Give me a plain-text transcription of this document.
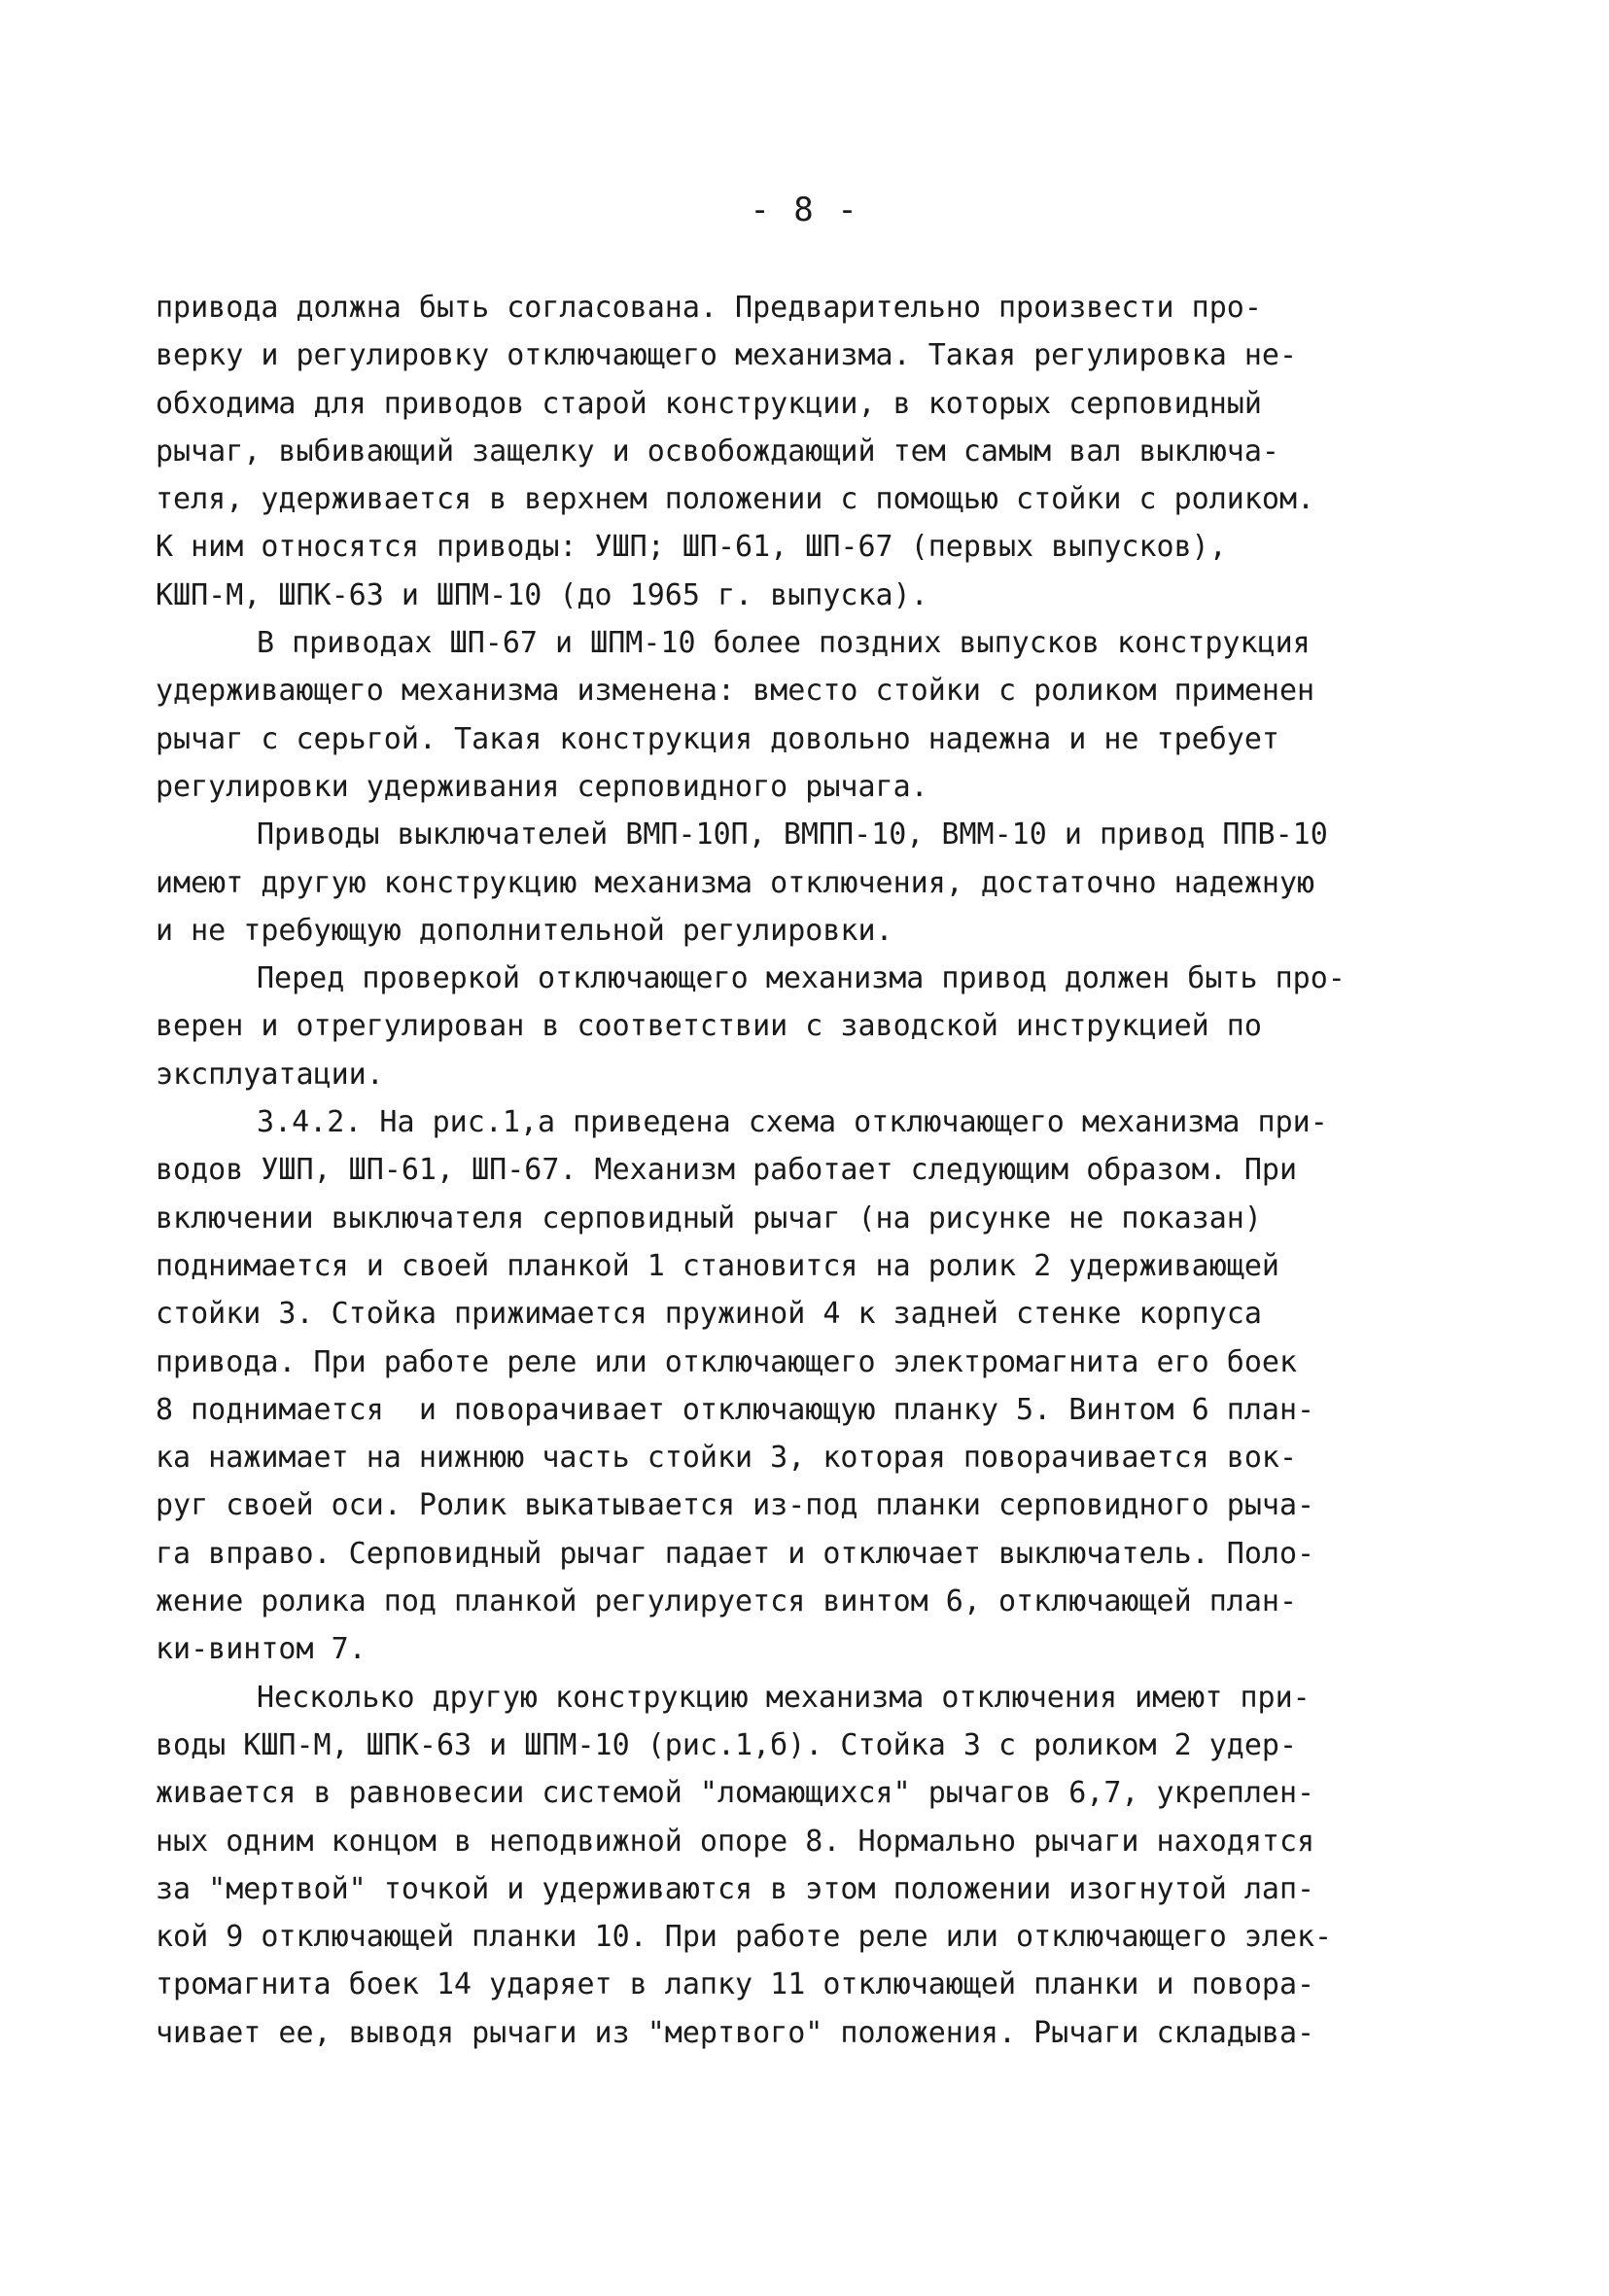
- 8 -
привода должна быть согласована. Предварительно произвести про-
верку и регулировку отключающего механизма. Такая регулировка не-
обходима для приводов старой конструкции, в которых серповидный
рычаг, выбивающий защелку и освобождающий тем самым вал выключа-
теля, удерживается в верхнем положении с помощью стойки с роликом.
К ним относятся приводы: УШП; ШП-61, ШП-67 (первых выпусков),
КШП-М, ШПК-63 и ШПМ-10 (до 1965 г. выпуска).
В приводах ШП-67 и ШПМ-10 более поздних выпусков конструкция
удерживающего механизма изменена: вместо стойки с роликом применен
рычаг с серьгой. Такая конструкция довольно надежна и не требует
регулировки удерживания серповидного рычага.
Приводы выключателей ВМП-10П, ВМПП-10, ВММ-10 и привод ППВ-10
имеют другую конструкцию механизма отключения, достаточно надежную
и не требующую дополнительной регулировки.
Перед проверкой отключающего механизма привод должен быть про-
верен и отрегулирован в соответствии с заводской инструкцией по
эксплуатации.
3.4.2. На рис.1,а приведена схема отключающего механизма при-
водов УШП, ШП-61, ШП-67. Механизм работает следующим образом. При
включении выключателя серповидный рычаг (на рисунке не показан)
поднимается и своей планкой 1 становится на ролик 2 удерживающей
стойки 3. Стойка прижимается пружиной 4 к задней стенке корпуса
привода. При работе реле или отключающего электромагнита его боек
8 поднимается  и поворачивает отключающую планку 5. Винтом 6 план-
ка нажимает на нижнюю часть стойки 3, которая поворачивается вок-
руг своей оси. Ролик выкатывается из-под планки серповидного рыча-
га вправо. Серповидный рычаг падает и отключает выключатель. Поло-
жение ролика под планкой регулируется винтом 6, отключающей план-
ки-винтом 7.
Несколько другую конструкцию механизма отключения имеют при-
воды КШП-М, ШПК-63 и ШПМ-10 (рис.1,б). Стойка 3 с роликом 2 удер-
живается в равновесии системой "ломающихся" рычагов 6,7, укреплен-
ных одним концом в неподвижной опоре 8. Нормально рычаги находятся
за "мертвой" точкой и удерживаются в этом положении изогнутой лап-
кой 9 отключающей планки 10. При работе реле или отключающего элек-
тромагнита боек 14 ударяет в лапку 11 отключающей планки и повора-
чивает ее, выводя рычаги из "мертвого" положения. Рычаги складыва-
